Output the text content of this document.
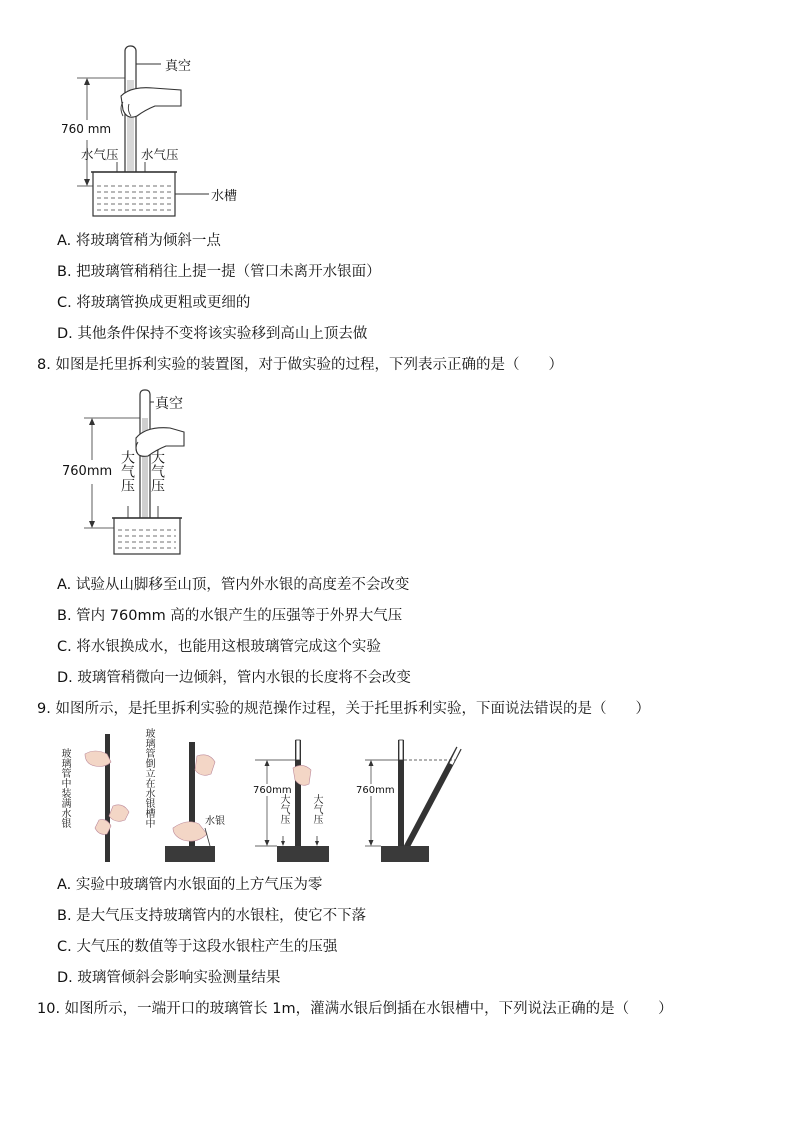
真空
760 mm
水气压 水气压
水槽
A. 将玻璃管稍为倾斜一点
B. 把玻璃管稍稍往上提一提（管口未离开水银面）
C. 将玻璃管换成更粗或更细的
D. 其他条件保持不变将该实验移到高山上顶去做
8. 如图是托里拆利实验的装置图，对于做实验的过程，下列表示正确的是（　　）
真空
760mm 大气压 大气压
A. 试验从山脚移至山顶，管内外水银的高度差不会改变
B. 管内 760mm 高的水银产生的压强等于外界大气压
C. 将水银换成水，也能用这根玻璃管完成这个实验
D. 玻璃管稍微向一边倾斜，管内水银的长度将不会改变
9. 如图所示，是托里拆利实验的规范操作过程，关于托里拆利实验，下面说法错误的是（　　）
玻璃管中装满水银	玻璃管倒立在水银槽中	水银
760mm
大气压 大气压
760mm
A. 实验中玻璃管内水银面的上方气压为零
B. 是大气压支持玻璃管内的水银柱，使它不下落
C. 大气压的数值等于这段水银柱产生的压强
D. 玻璃管倾斜会影响实验测量结果
10. 如图所示，一端开口的玻璃管长 1m，灌满水银后倒插在水银槽中，下列说法正确的是（　　）
